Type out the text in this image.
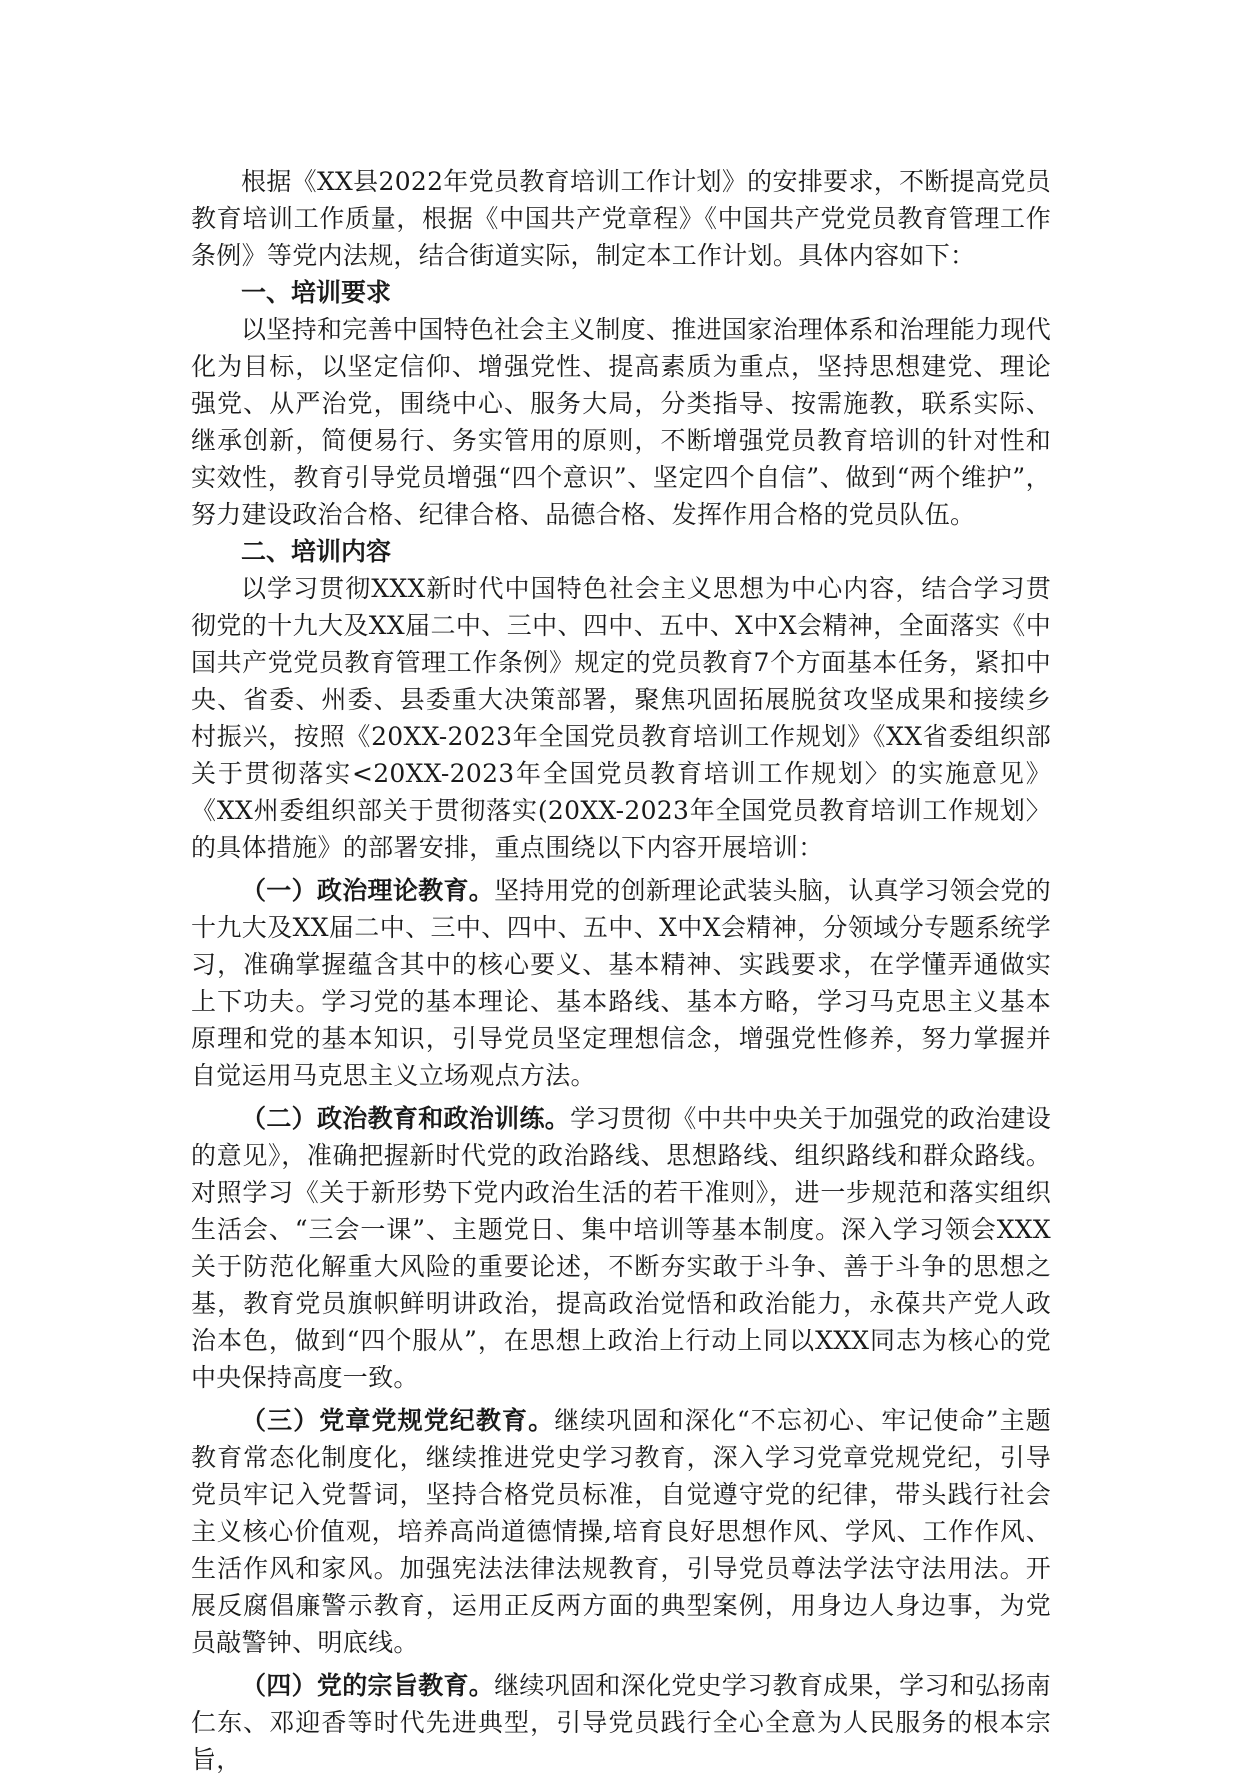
根据《XX县2022年党员教育培训工作计划》的安排要求，不断提高党员教育培训工作质量，根据《中国共产党章程》《中国共产党党员教育管理工作条例》等党内法规，结合街道实际，制定本工作计划。具体内容如下：

一、培训要求

以坚持和完善中国特色社会主义制度、推进国家治理体系和治理能力现代化为目标，以坚定信仰、增强党性、提高素质为重点，坚持思想建党、理论强党、从严治党，围绕中心、服务大局，分类指导、按需施教，联系实际、继承创新，简便易行、务实管用的原则，不断增强党员教育培训的针对性和实效性，教育引导党员增强“四个意识”、坚定四个自信”、做到“两个维护”，努力建设政治合格、纪律合格、品德合格、发挥作用合格的党员队伍。

二、培训内容

以学习贯彻XXX新时代中国特色社会主义思想为中心内容，结合学习贯彻党的十九大及XX届二中、三中、四中、五中、X中X会精神，全面落实《中国共产党党员教育管理工作条例》规定的党员教育7个方面基本任务，紧扣中央、省委、州委、县委重大决策部署，聚焦巩固拓展脱贫攻坚成果和接续乡村振兴，按照《20XX-2023年全国党员教育培训工作规划》《XX省委组织部关于贯彻落实<20XX-2023年全国党员教育培训工作规划〉的实施意见》《XX州委组织部关于贯彻落实(20XX-2023年全国党员教育培训工作规划〉的具体措施》的部署安排，重点围绕以下内容开展培训：

（一）政治理论教育。坚持用党的创新理论武装头脑，认真学习领会党的十九大及XX届二中、三中、四中、五中、X中X会精神，分领域分专题系统学习，准确掌握蕴含其中的核心要义、基本精神、实践要求，在学懂弄通做实上下功夫。学习党的基本理论、基本路线、基本方略，学习马克思主义基本原理和党的基本知识，引导党员坚定理想信念，增强党性修养，努力掌握并自觉运用马克思主义立场观点方法。

（二）政治教育和政治训练。学习贯彻《中共中央关于加强党的政治建设的意见》，准确把握新时代党的政治路线、思想路线、组织路线和群众路线。对照学习《关于新形势下党内政治生活的若干准则》，进一步规范和落实组织生活会、“三会一课”、主题党日、集中培训等基本制度。深入学习领会XXX关于防范化解重大风险的重要论述，不断夯实敢于斗争、善于斗争的思想之基，教育党员旗帜鲜明讲政治，提高政治觉悟和政治能力，永葆共产党人政治本色，做到“四个服从”，在思想上政治上行动上同以XXX同志为核心的党中央保持高度一致。

（三）党章党规党纪教育。继续巩固和深化“不忘初心、牢记使命”主题教育常态化制度化，继续推进党史学习教育，深入学习党章党规党纪，引导党员牢记入党誓词，坚持合格党员标准，自觉遵守党的纪律，带头践行社会主义核心价值观，培养高尚道德情操,培育良好思想作风、学风、工作作风、生活作风和家风。加强宪法法律法规教育，引导党员尊法学法守法用法。开展反腐倡廉警示教育，运用正反两方面的典型案例，用身边人身边事，为党员敲警钟、明底线。

（四）党的宗旨教育。继续巩固和深化党史学习教育成果，学习和弘扬南仁东、邓迎香等时代先进典型，引导党员践行全心全意为人民服务的根本宗旨，
